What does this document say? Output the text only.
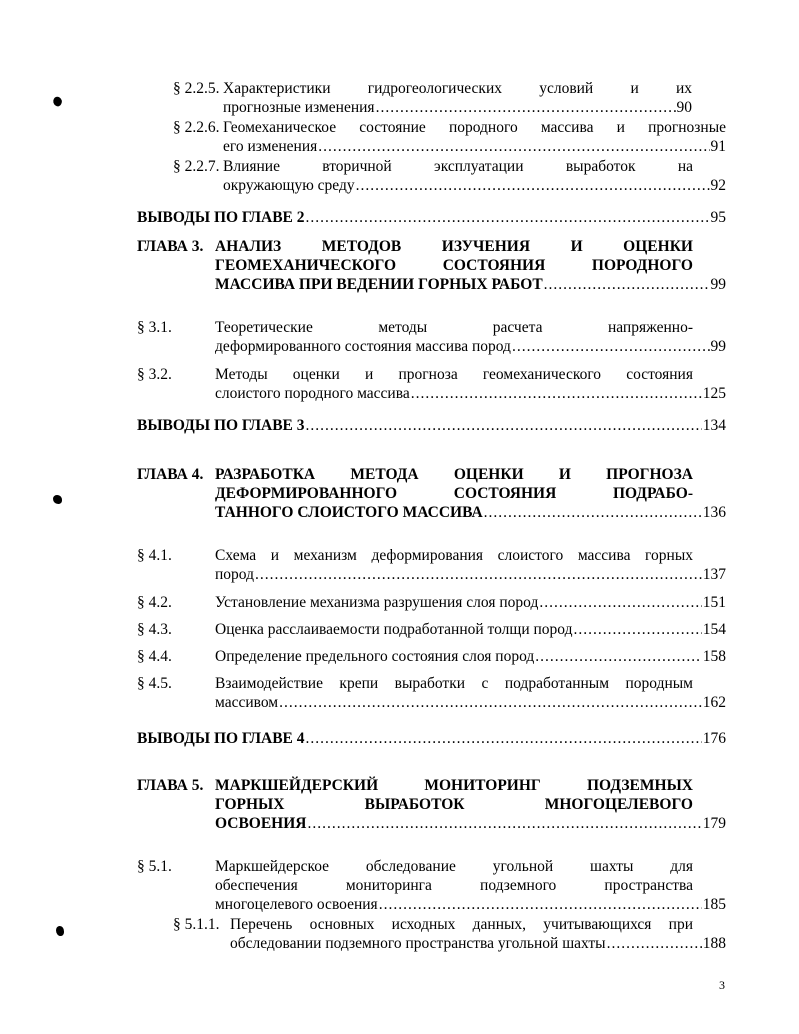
§ 2.2.5. Характеристики гидрогеологических условий и их
прогнозные изменения .....	90
§ 2.2.6. Геомеханическое состояние породного массива и прогнозные
его изменения .....	91
§ 2.2.7. Влияние вторичной эксплуатации выработок на
окружающую среду .....	92
ВЫВОДЫ ПО ГЛАВЕ 2 .....	95
ГЛАВА 3. АНАЛИЗ МЕТОДОВ ИЗУЧЕНИЯ И ОЦЕНКИ
ГЕОМЕХАНИЧЕСКОГО СОСТОЯНИЯ ПОРОДНОГО
МАССИВА ПРИ ВЕДЕНИИ ГОРНЫХ РАБОТ .....	99
§ 3.1.	Теоретические методы расчета напряженно-
деформированного состояния массива пород .....	99
§ 3.2.	Методы оценки и прогноза геомеханического состояния
слоистого породного массива .....	125
ВЫВОДЫ ПО ГЛАВЕ 3 .....	134
ГЛАВА 4. РАЗРАБОТКА МЕТОДА ОЦЕНКИ И ПРОГНОЗА
ДЕФОРМИРОВАННОГО СОСТОЯНИЯ ПОДРАБО-
ТАННОГО СЛОИСТОГО МАССИВА .....	136
§ 4.1.	Схема и механизм деформирования слоистого массива горных
пород .....	137
§ 4.2.	Установление механизма разрушения слоя пород .....	151
§ 4.3.	Оценка расслаиваемости подработанной толщи пород .....	154
§ 4.4.	Определение предельного состояния слоя пород .....	158
§ 4.5.	Взаимодействие крепи выработки с подработанным породным
массивом .....	162
ВЫВОДЫ ПО ГЛАВЕ 4 .....	176
ГЛАВА 5. МАРКШЕЙДЕРСКИЙ МОНИТОРИНГ ПОДЗЕМНЫХ
ГОРНЫХ ВЫРАБОТОК МНОГОЦЕЛЕВОГО
ОСВОЕНИЯ .....	179
§ 5.1.	Маркшейдерское обследование угольной шахты для
обеспечения мониторинга подземного пространства
многоцелевого освоения .....	185
§ 5.1.1. Перечень основных исходных данных, учитывающихся при
обследовании подземного пространства угольной шахты .....	188
3
